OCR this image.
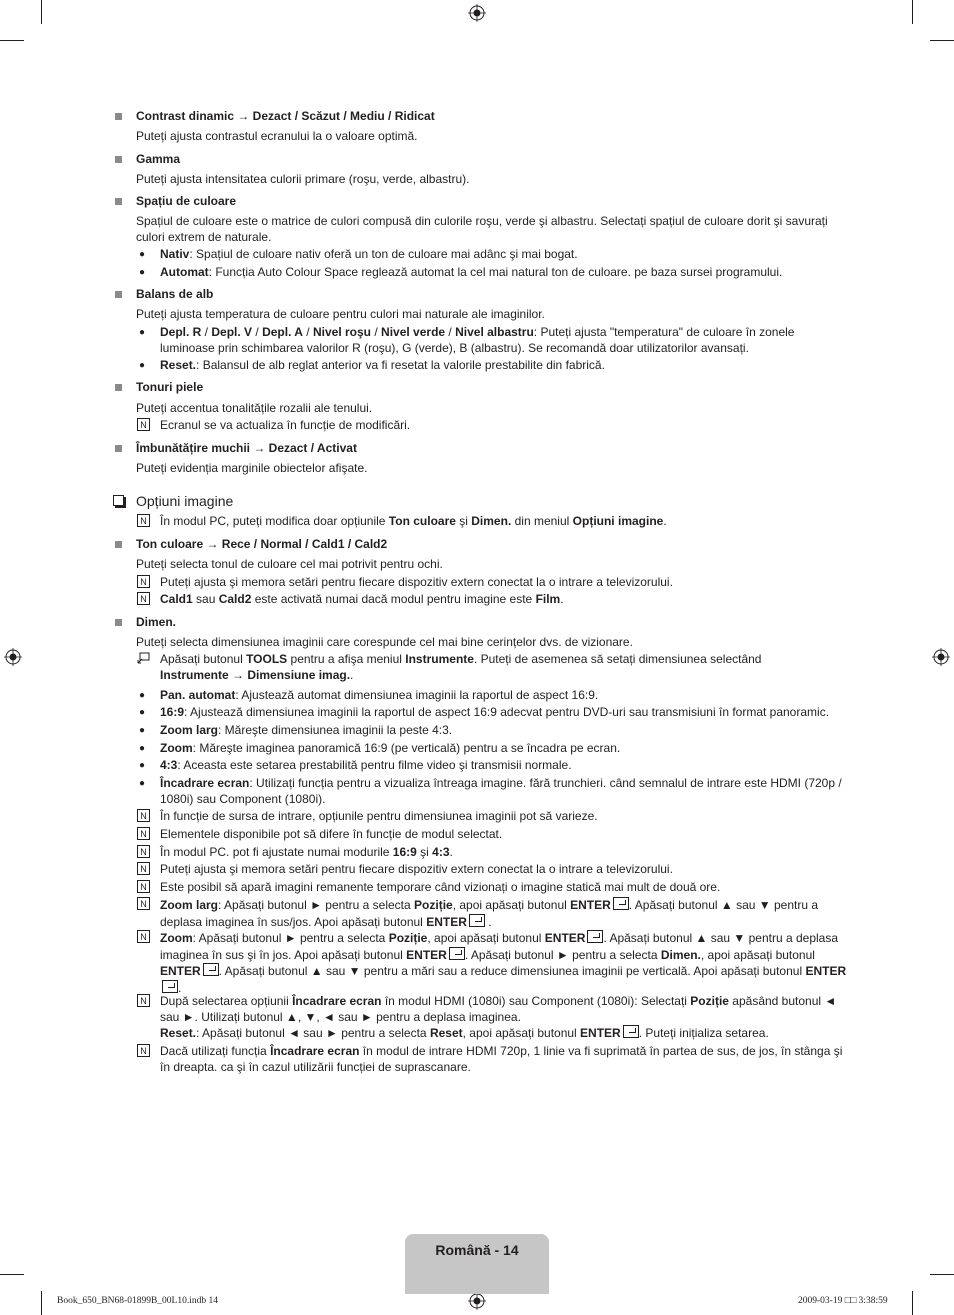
Contrast dinamic → Dezact / Scăzut / Mediu / Ridicat
Puteți ajusta contrastul ecranului la o valoare optimă.
Gamma
Puteți ajusta intensitatea culorii primare (roşu, verde, albastru).
Spațiu de culoare
Spațiul de culoare este o matrice de culori compusă din culorile roşu, verde şi albastru. Selectați spațiul de culoare dorit şi savurați culori extrem de naturale.
● Nativ: Spațiul de culoare nativ oferă un ton de culoare mai adânc şi mai bogat.
● Automat: Funcția Auto Colour Space reglează automat la cel mai natural ton de culoare. pe baza sursei programului.
Balans de alb
Puteți ajusta temperatura de culoare pentru culori mai naturale ale imaginilor.
● Depl. R / Depl. V / Depl. A / Nivel roşu / Nivel verde / Nivel albastru: Puteți ajusta "temperatura" de culoare în zonele luminoase prin schimbarea valorilor R (roşu), G (verde), B (albastru). Se recomandă doar utilizatorilor avansați.
● Reset.: Balansul de alb reglat anterior va fi resetat la valorile prestabilite din fabrică.
Tonuri piele
Puteți accentua tonalitățile rozalii ale tenului.
N Ecranul se va actualiza în funcție de modificări.
Îmbunătățire muchii → Dezact / Activat
Puteți evidenția marginile obiectelor afişate.
Opțiuni imagine
N În modul PC, puteți modifica doar opțiunile Ton culoare şi Dimen. din meniul Opțiuni imagine.
Ton culoare → Rece / Normal / Cald1 / Cald2
Puteți selecta tonul de culoare cel mai potrivit pentru ochi.
N Puteți ajusta şi memora setări pentru fiecare dispozitiv extern conectat la o intrare a televizorului.
N Cald1 sau Cald2 este activată numai dacă modul pentru imagine este Film.
Dimen.
Puteți selecta dimensiunea imaginii care corespunde cel mai bine cerințelor dvs. de vizionare.
Apăsați butonul TOOLS pentru a afişa meniul Instrumente. Puteți de asemenea să setați dimensiunea selectând
Instrumente → Dimensiune imag..
● Pan. automat: Ajustează automat dimensiunea imaginii la raportul de aspect 16:9.
● 16:9: Ajustează dimensiunea imaginii la raportul de aspect 16:9 adecvat pentru DVD-uri sau transmisiuni în format panoramic.
● Zoom larg: Măreşte dimensiunea imaginii la peste 4:3.
● Zoom: Măreşte imaginea panoramică 16:9 (pe verticală) pentru a se încadra pe ecran.
● 4:3: Aceasta este setarea prestabilită pentru filme video şi transmisii normale.
● Încadrare ecran: Utilizați funcția pentru a vizualiza întreaga imagine. fără trunchieri. când semnalul de intrare este HDMI (720p / 1080i) sau Component (1080i).
N În funcție de sursa de intrare, opțiunile pentru dimensiunea imaginii pot să varieze.
N Elementele disponibile pot să difere în funcție de modul selectat.
N În modul PC. pot fi ajustate numai modurile 16:9 şi 4:3.
N Puteți ajusta şi memora setări pentru fiecare dispozitiv extern conectat la o intrare a televizorului.
N Este posibil să apară imagini remanente temporare când vizionați o imagine statică mai mult de două ore.
N Zoom larg: Apăsați butonul ► pentru a selecta Poziție, apoi apăsați butonul ENTER . Apăsați butonul ▲ sau ▼ pentru a deplasa imaginea în sus/jos. Apoi apăsați butonul ENTER .
N Zoom: Apăsați butonul ► pentru a selecta Poziție, apoi apăsați butonul ENTER . Apăsați butonul ▲ sau ▼ pentru a deplasa imaginea în sus şi în jos. Apoi apăsați butonul ENTER . Apăsați butonul ► pentru a selecta Dimen., apoi apăsați butonul ENTER . Apăsați butonul ▲ sau ▼ pentru a mări sau a reduce dimensiunea imaginii pe verticală. Apoi apăsați butonul ENTER.
N După selectarea opțiunii Încadrare ecran în modul HDMI (1080i) sau Component (1080i): Selectați Poziție apăsând butonul ◄ sau ►. Utilizați butonul ▲, ▼, ◄ sau ► pentru a deplasa imaginea.
Reset.: Apăsați butonul ◄ sau ► pentru a selecta Reset, apoi apăsați butonul ENTER . Puteți inițializa setarea.
N Dacă utilizați funcția Încadrare ecran în modul de intrare HDMI 720p, 1 linie va fi suprimată în partea de sus, de jos, în stânga şi în dreapta. ca şi în cazul utilizării funcției de suprascanare.
Română - 14
Book_650_BN68-01899B_00L10.indb 14	2009-03-19 □□ 3:38:59
